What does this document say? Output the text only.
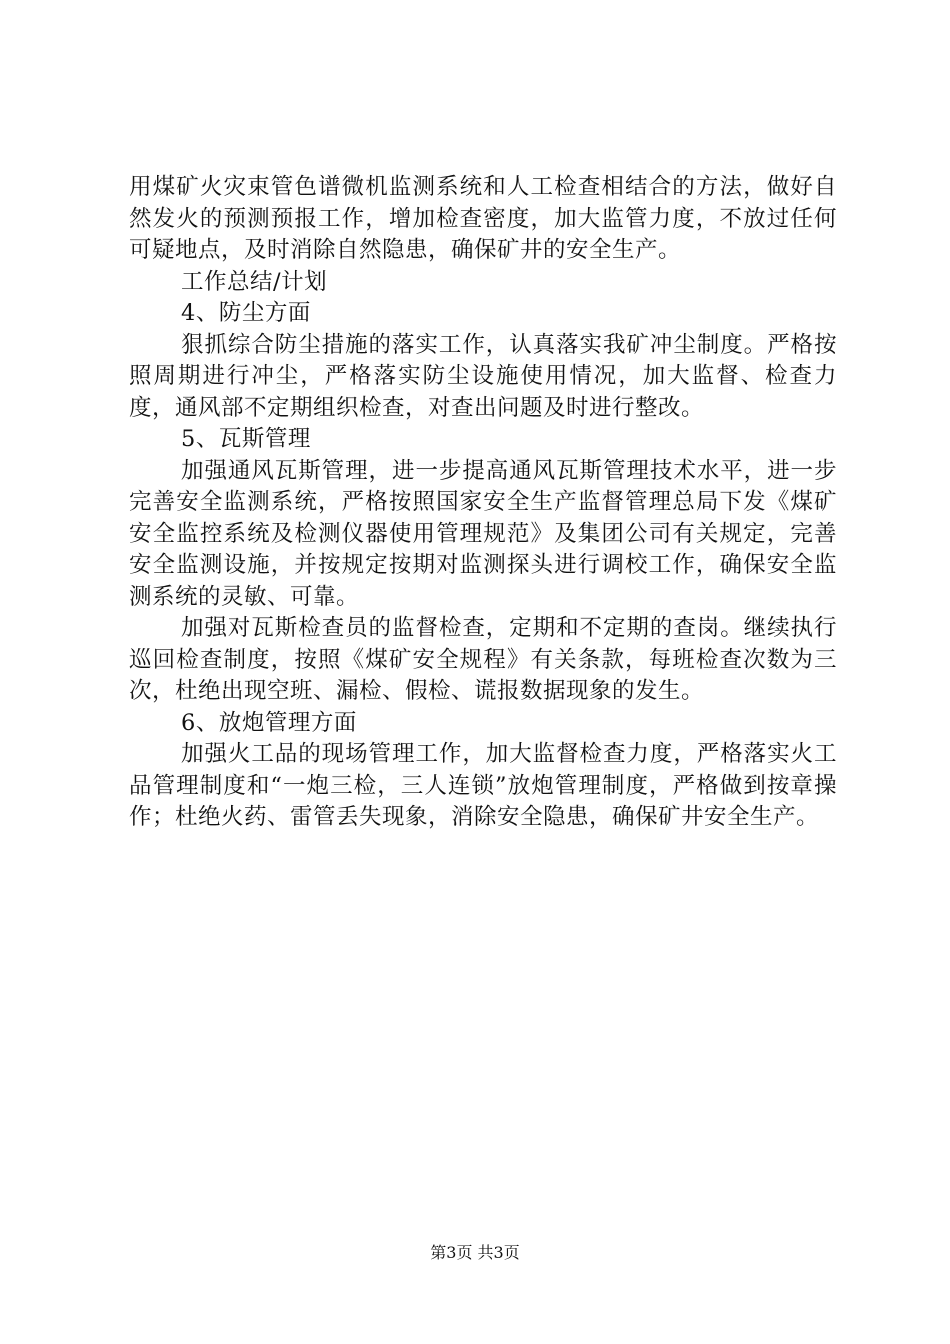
用煤矿火灾束管色谱微机监测系统和人工检查相结合的方法，做好自然发火的预测预报工作，增加检查密度，加大监管力度，不放过任何可疑地点，及时消除自然隐患，确保矿井的安全生产。

工作总结/计划

4、防尘方面

狠抓综合防尘措施的落实工作，认真落实我矿冲尘制度。严格按照周期进行冲尘，严格落实防尘设施使用情况，加大监督、检查力度，通风部不定期组织检查，对查出问题及时进行整改。

5、瓦斯管理

加强通风瓦斯管理，进一步提高通风瓦斯管理技术水平，进一步完善安全监测系统，严格按照国家安全生产监督管理总局下发《煤矿安全监控系统及检测仪器使用管理规范》及集团公司有关规定，完善安全监测设施，并按规定按期对监测探头进行调校工作，确保安全监测系统的灵敏、可靠。

加强对瓦斯检查员的监督检查，定期和不定期的查岗。继续执行巡回检查制度，按照《煤矿安全规程》有关条款，每班检查次数为三次，杜绝出现空班、漏检、假检、谎报数据现象的发生。

6、放炮管理方面

加强火工品的现场管理工作，加大监督检查力度，严格落实火工品管理制度和“一炮三检，三人连锁”放炮管理制度，严格做到按章操作；杜绝火药、雷管丢失现象，消除安全隐患，确保矿井安全生产。

第3页 共3页
